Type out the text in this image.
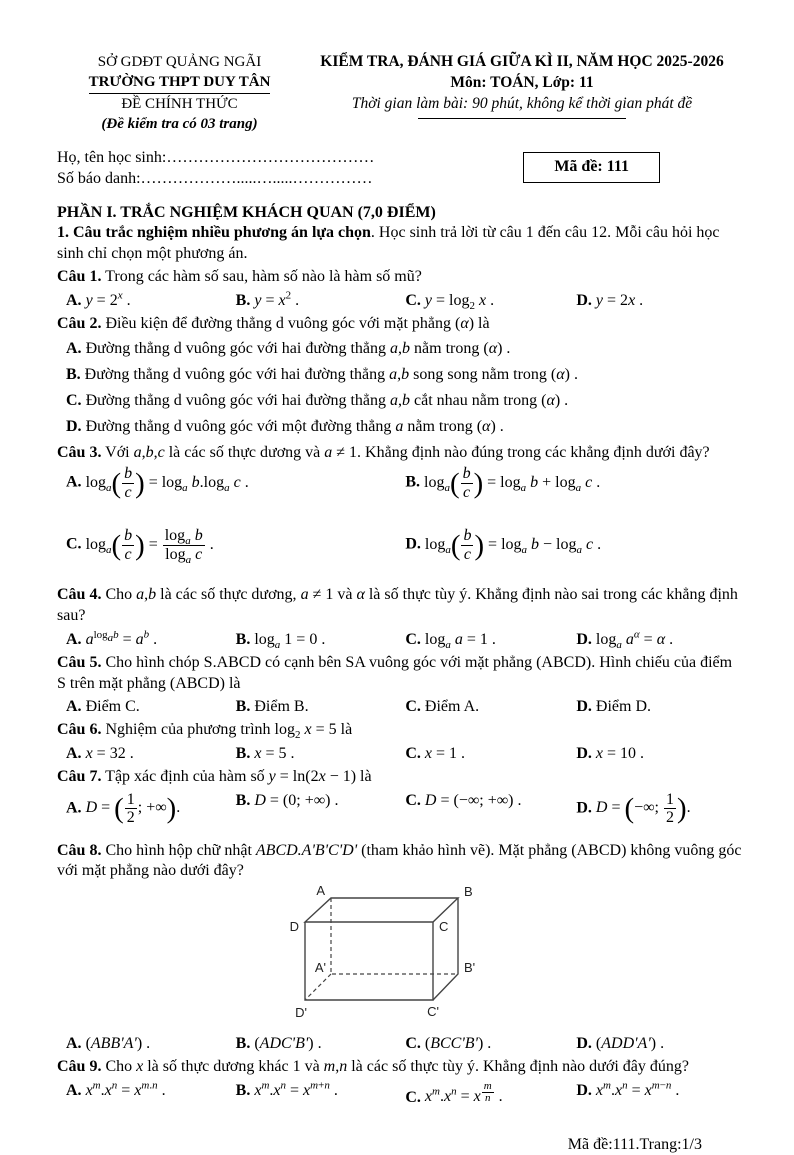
SỞ GDĐT QUẢNG NGÃI
TRƯỜNG THPT DUY TÂN
ĐỀ CHÍNH THỨC
(Đề kiểm tra có 03 trang)
KIỂM TRA, ĐÁNH GIÁ GIỮA KÌ II, NĂM HỌC 2025-2026
Môn: TOÁN, Lớp: 11
Thời gian làm bài: 90 phút, không kể thời gian phát đề
Họ, tên học sinh:…………………………………
Số báo danh:……………….....….....……………
Mã đề: 111
PHẦN I. TRẮC NGHIỆM KHÁCH QUAN (7,0 ĐIỂM)
1. Câu trắc nghiệm nhiều phương án lựa chọn. Học sinh trả lời từ câu 1 đến câu 12. Mỗi câu hỏi học sinh chỉ chọn một phương án.
Câu 1. Trong các hàm số sau, hàm số nào là hàm số mũ?
A. $y = 2^x$ .	B. $y = x^2$ .	C. $y = \log_2 x$ .	D. y = 2x .
Câu 2. Điều kiện để đường thẳng d vuông góc với mặt phẳng (α) là
A. Đường thẳng d vuông góc với hai đường thẳng a,b nằm trong (α) .
B. Đường thẳng d vuông góc với hai đường thẳng a,b song song nằm trong (α) .
C. Đường thẳng d vuông góc với hai đường thẳng a,b cắt nhau nằm trong (α) .
D. Đường thẳng d vuông góc với một đường thẳng a nằm trong (α) .
Câu 3. Với a,b,c là các số thực dương và a ≠ 1. Khẳng định nào đúng trong các khẳng định dưới đây?
A. $\log_a( \frac{b}{c}$ ) = $\log_a b.\log_a$ c .	B. $\log_a( \frac{b}{c}$ ) = $\log_a b + \log_a c$ .
C. $\log_a( \frac{b}{c}$ ) = $\frac{\log_a b}{\log_a c}$ .	D. $\log_a( \frac{b}{c}$ ) = $\log_a b - \log_a c$ .
Câu 4. Cho a,b là các số thực dương, a ≠ 1 và α là số thực tùy ý. Khẳng định nào sai trong các khẳng định sau?
A. $a^{log_ab} = a^b$ .	B. $\log_a 1 = 0$ .	C. $\log_a a = 1$ .	D. $\log_a a^\alpha = \alpha$ .
Câu 5. Cho hình chóp S.ABCD có cạnh bên SA vuông góc với mặt phẳng (ABCD). Hình chiếu của điểm S trên mặt phẳng (ABCD) là
A. Điểm C.	B. Điểm B.	C. Điểm A.	D. Điểm D.
Câu 6. Nghiệm của phương trình $\log_2 x = 5$ là
A. x = 32 .	B. x = 5 .	C. x = 1 .	D. x = 10 .
Câu 7. Tập xác định của hàm số y = ln(2x − 1) là
A. D = ( $\frac{1}{2}$ ; +∞).	B. D = (0; +∞) .	C. D = (−∞; +∞) .	D. D = (−∞; $\frac{1}{2}$ ).
Câu 8. Cho hình hộp chữ nhật ABCD.A'B'C'D' (tham khảo hình vẽ). Mặt phẳng (ABCD) không vuông góc với mặt phẳng nào dưới đây?
A	B
C
D
A'	B'
C'
D'
A. (ABB'A') .	B. (ADC'B') .	C. (BCC'B') .	D. (ADD'A') .
Câu 9. Cho x là số thực dương khác 1 và m,n là các số thực tùy ý. Khẳng định nào dưới đây đúng?
A. $x^m.x^n = x^{m.n}$ .	B. $x^m.x^n = x^{m+n}$ .	C. $x^m.x^n = x$ $^{\frac{m}{n}}$ .	D. $x^m.x^n = x^{m-n}$ .
Mã đề:111.Trang:1/3
